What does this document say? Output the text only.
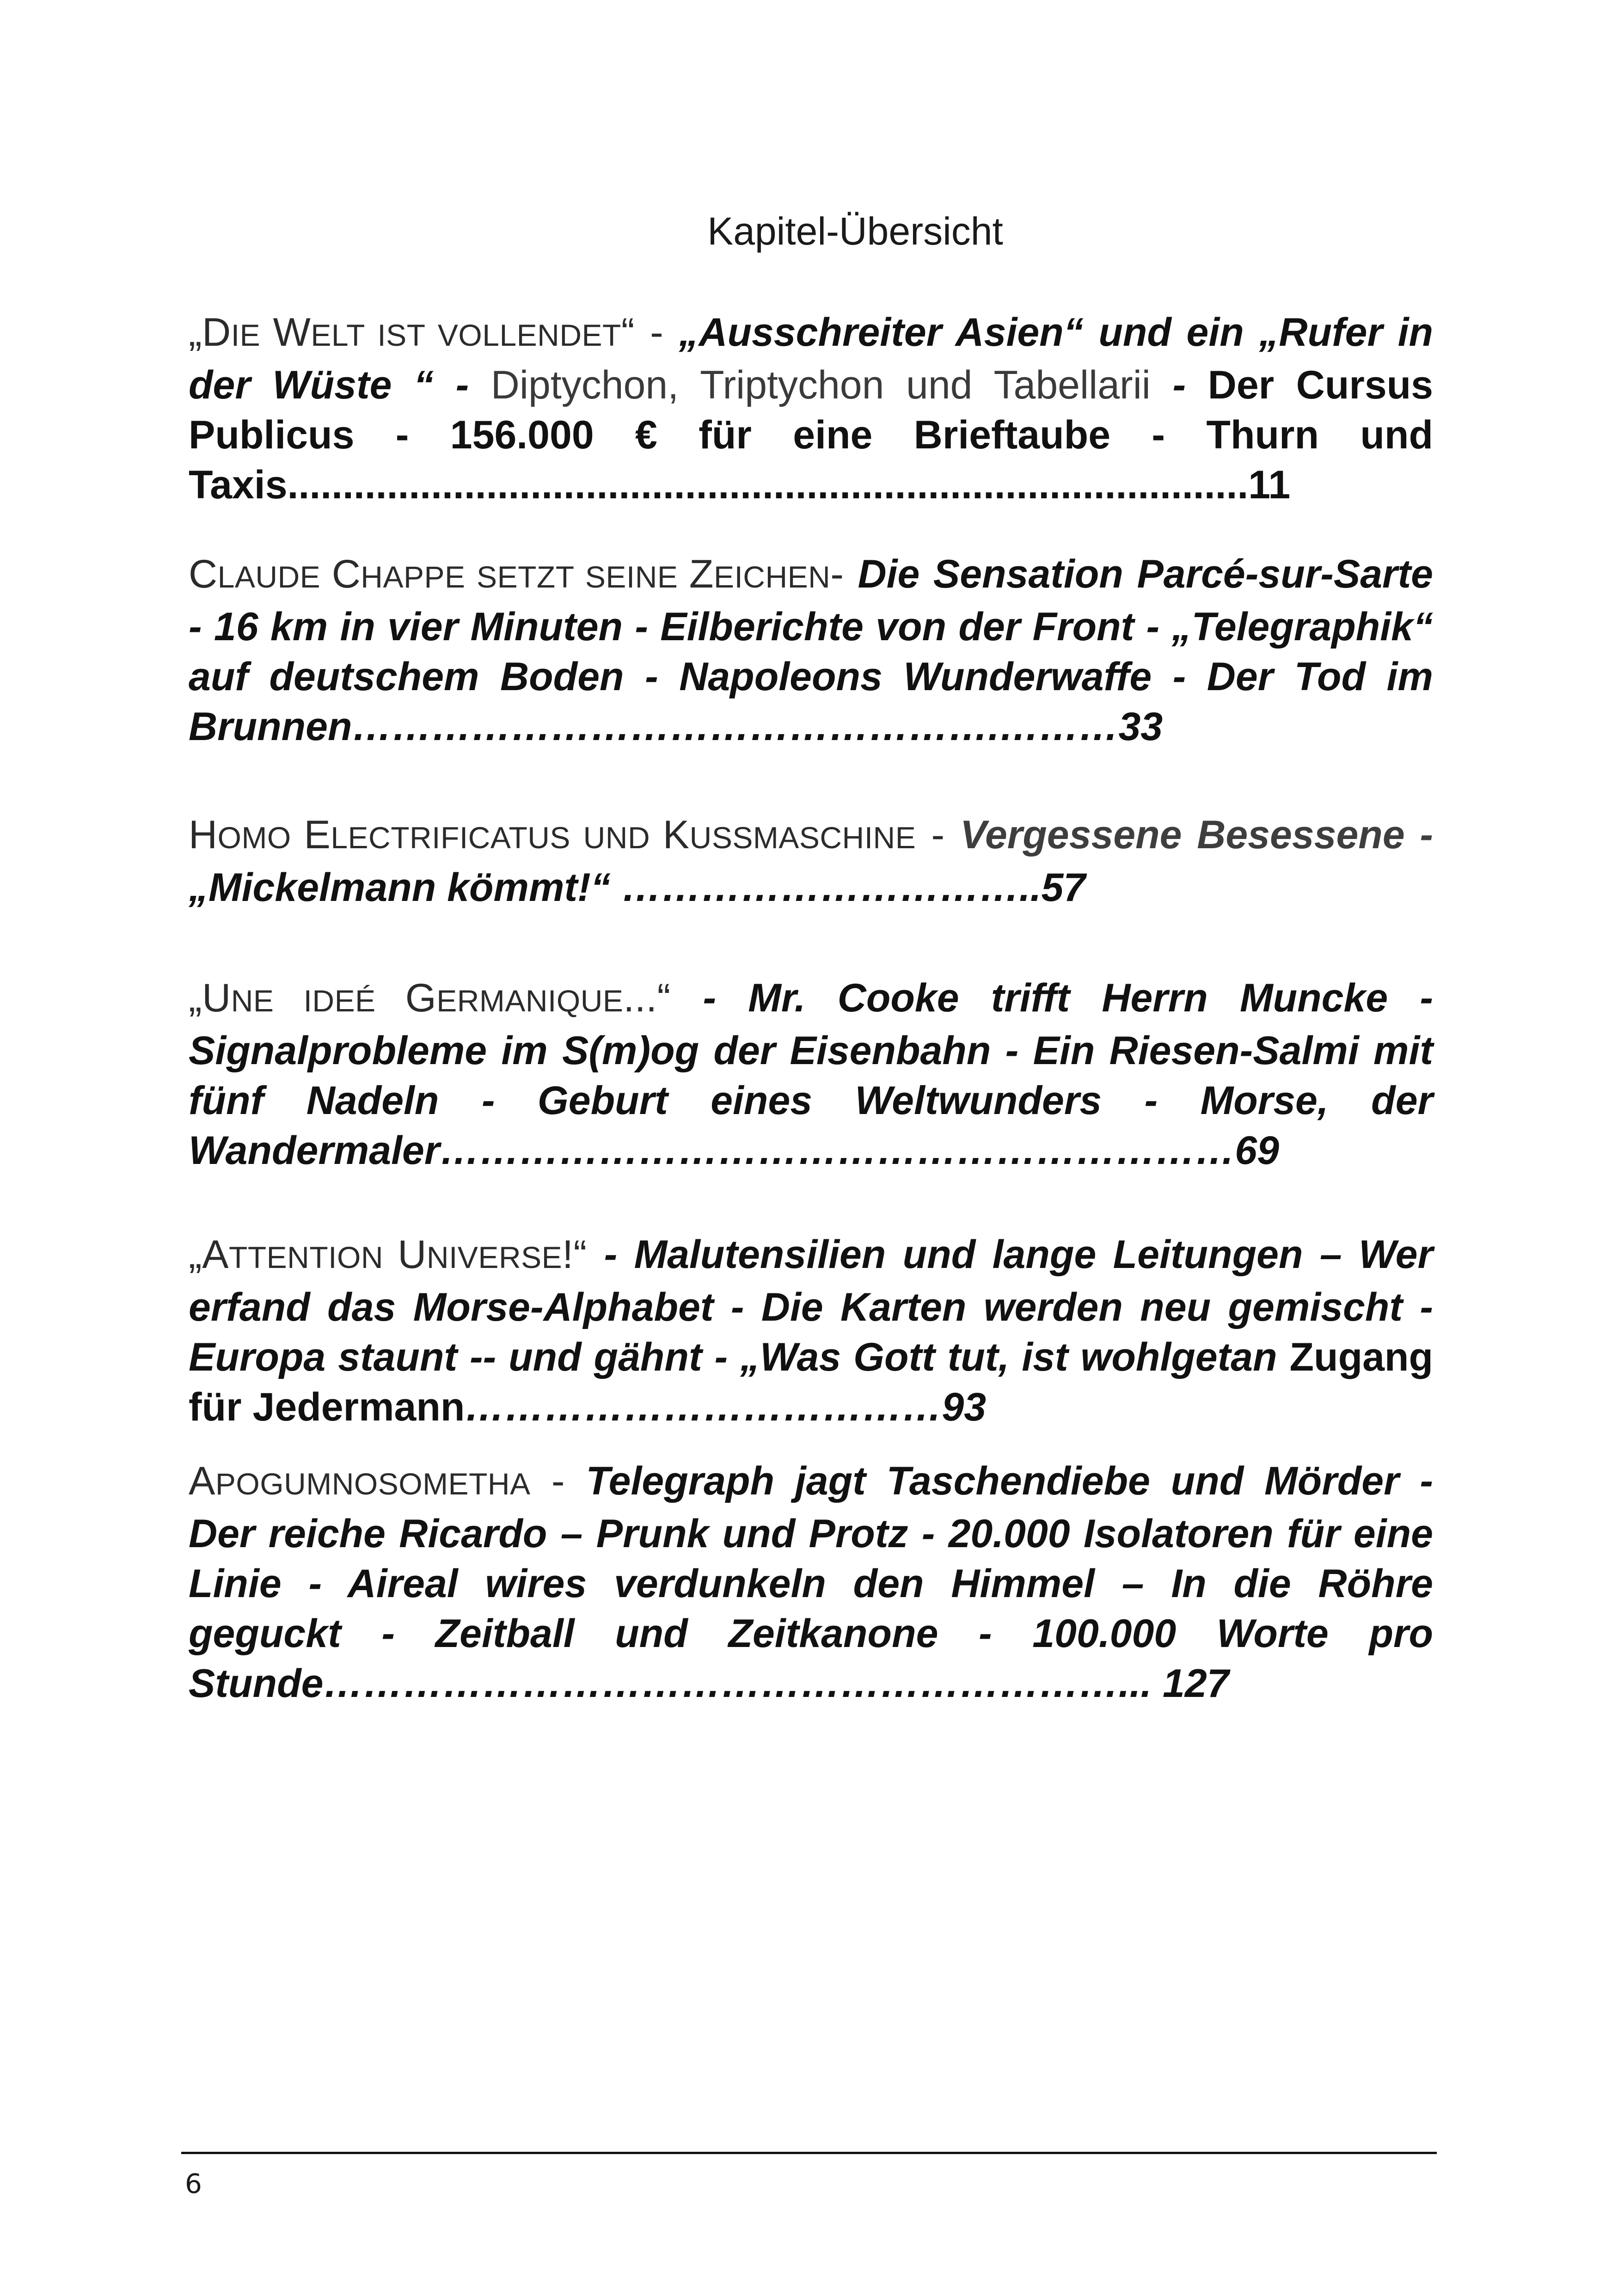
Kapitel-Übersicht
„DIE WELT IST VOLLENDET“ - „Ausschreiter Asien“ und ein „Rufer in der Wüste “ - Diptychon, Triptychon und Tabellarii - Der Cursus Publicus - 156.000 € für eine Brieftaube - Thurn und Taxis.......................................................................................11
CLAUDE CHAPPE SETZT SEINE ZEICHEN- Die Sensation Parcé-sur-Sarte - 16 km in vier Minuten - Eilberichte von der Front - „Telegraphik“ auf deutschem Boden - Napoleons Wunderwaffe - Der Tod im Brunnen………………………………………….………33
HOMO ELECTRIFICATUS UND KUSSMASCHINE - Vergessene Besessene - „Mickelmann kömmt!“ …………………………..57
„UNE IDEÉ GERMANIQUE...“ - Mr. Cooke trifft Herrn Muncke - Signalprobleme im S(m)og der Eisenbahn - Ein Riesen-Salmi mit fünf Nadeln - Geburt eines Weltwunders - Morse, der Wandermaler……………………………………………………69
„ATTENTION UNIVERSE!“ - Malutensilien und lange Leitungen – Wer erfand das Morse-Alphabet - Die Karten werden neu gemischt - Europa staunt -- und gähnt - „Was Gott tut, ist wohlgetan Zugang für Jedermann………………………………93
APOGUMNOSOMETHA - Telegraph jagt Taschendiebe und Mörder - Der reiche Ricardo – Prunk und Protz - 20.000 Isolatoren für eine Linie - Aireal wires verdunkeln den Himmel – In die Röhre geguckt - Zeitball und Zeitkanone - 100.000 Worte pro Stunde……………………………………………………... 127
6
